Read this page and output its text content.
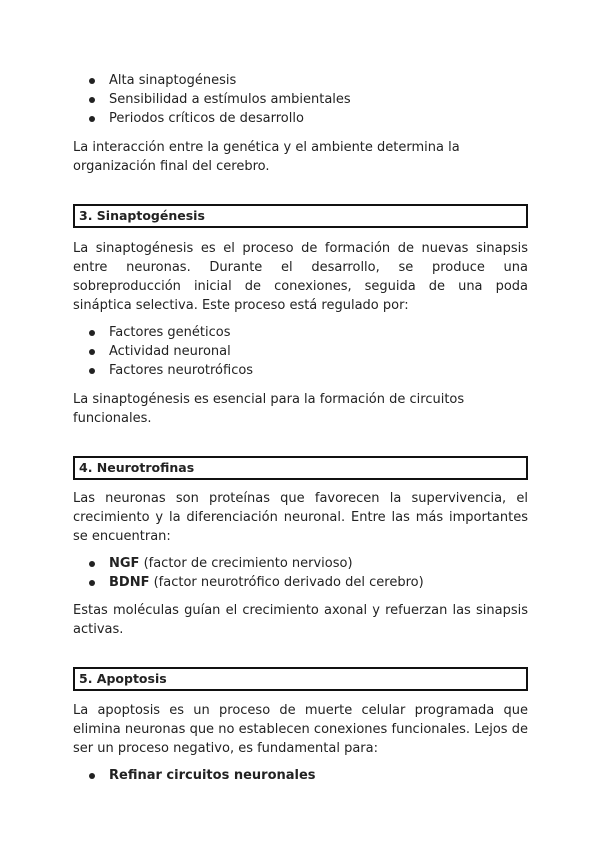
Alta sinaptogénesis
Sensibilidad a estímulos ambientales
Periodos críticos de desarrollo

La interacción entre la genética y el ambiente determina la organización final del cerebro.

3. Sinaptogénesis

La sinaptogénesis es el proceso de formación de nuevas sinapsis entre neuronas. Durante el desarrollo, se produce una sobreproducción inicial de conexiones, seguida de una poda sináptica selectiva. Este proceso está regulado por:

Factores genéticos
Actividad neuronal
Factores neurotróficos

La sinaptogénesis es esencial para la formación de circuitos funcionales.

4. Neurotrofinas

Las neuronas son proteínas que favorecen la supervivencia, el crecimiento y la diferenciación neuronal. Entre las más importantes se encuentran:

NGF (factor de crecimiento nervioso)
BDNF (factor neurotrófico derivado del cerebro)

Estas moléculas guían el crecimiento axonal y refuerzan las sinapsis activas.

5. Apoptosis

La apoptosis es un proceso de muerte celular programada que elimina neuronas que no establecen conexiones funcionales. Lejos de ser un proceso negativo, es fundamental para:

Refinar circuitos neuronales
